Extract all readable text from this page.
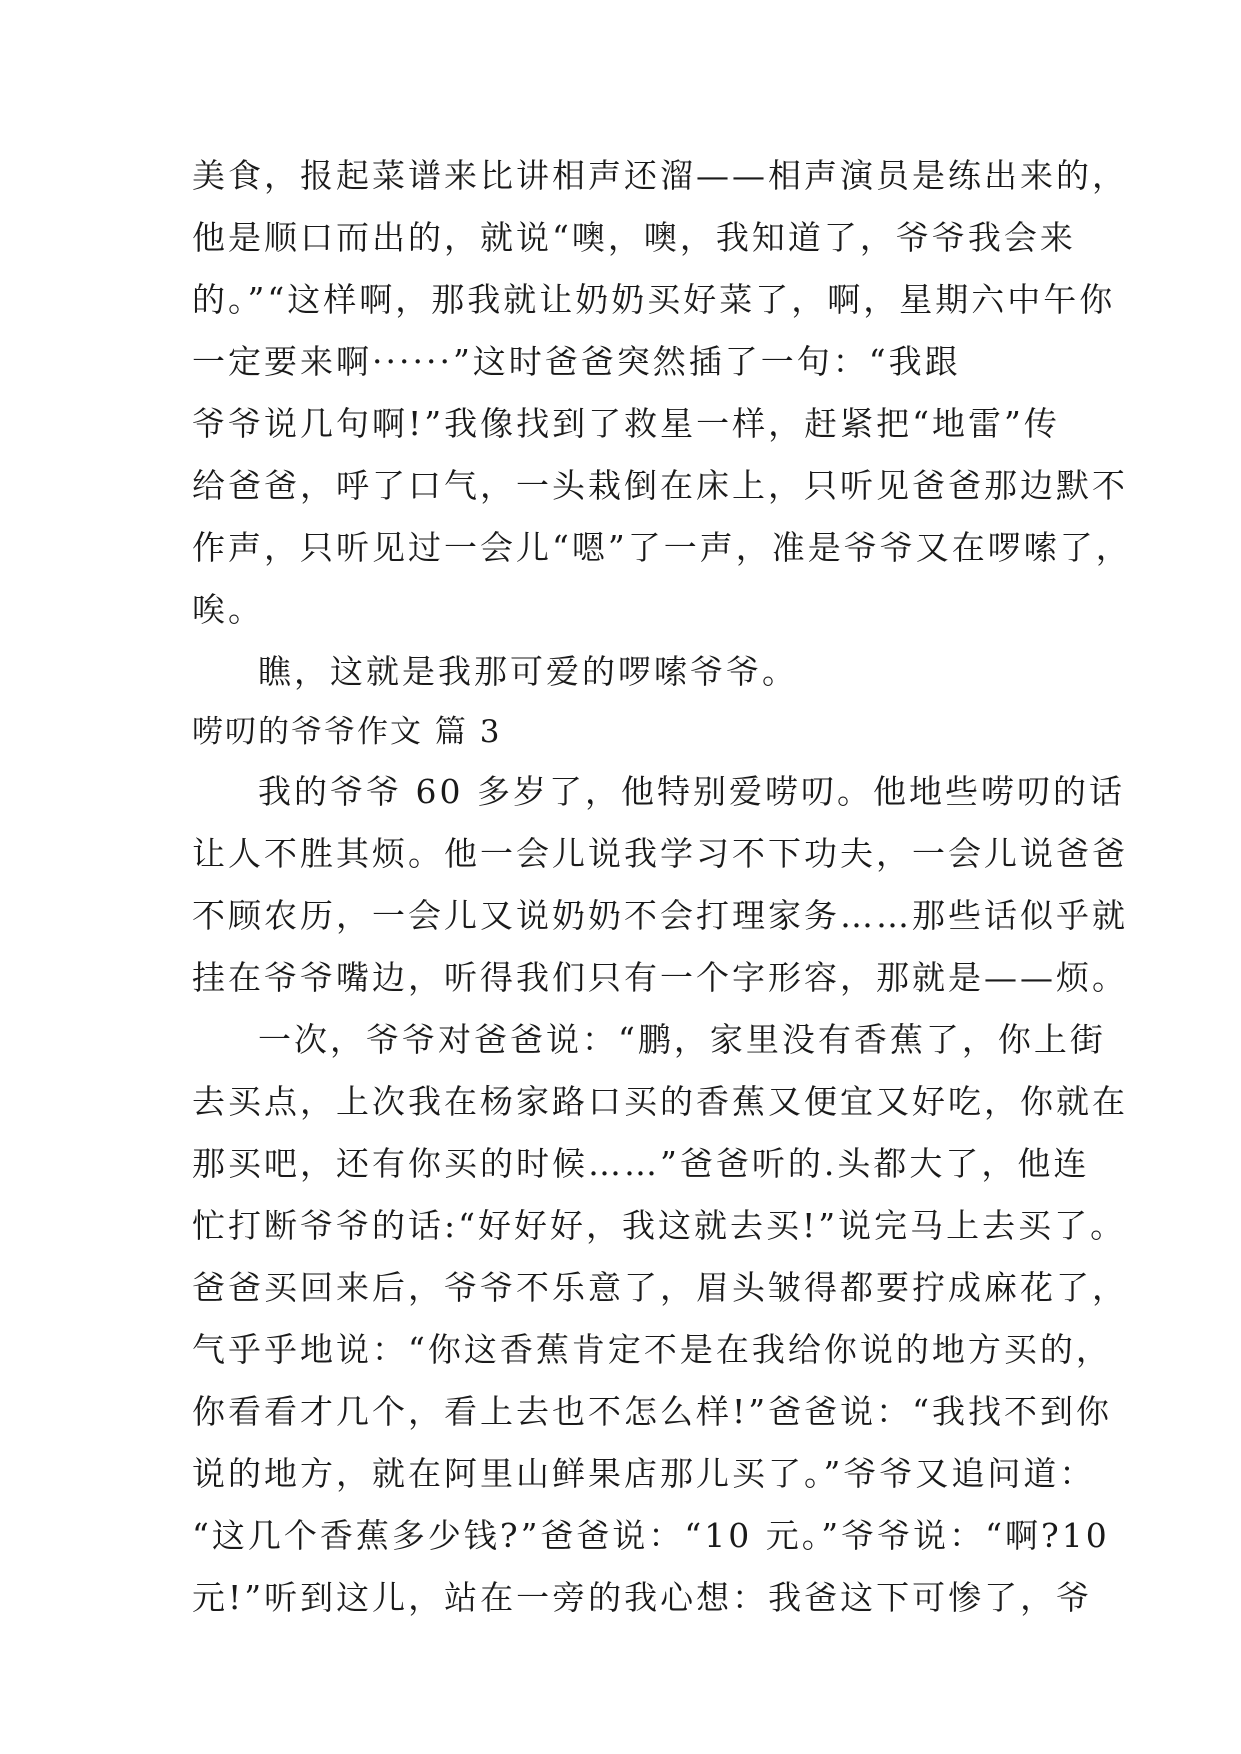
美食，报起菜谱来比讲相声还溜——相声演员是练出来的，
他是顺口而出的，就说“噢，噢，我知道了，爷爷我会来
的。”“这样啊，那我就让奶奶买好菜了，啊，星期六中午你
一定要来啊······”这时爸爸突然插了一句：“我跟
爷爷说几句啊!”我像找到了救星一样，赶紧把“地雷”传
给爸爸，呼了口气，一头栽倒在床上，只听见爸爸那边默不
作声，只听见过一会儿“嗯”了一声，准是爷爷又在啰嗦了，
唉。
瞧，这就是我那可爱的啰嗦爷爷。
唠叨的爷爷作文 篇 3
我的爷爷 60 多岁了，他特别爱唠叨。他地些唠叨的话
让人不胜其烦。他一会儿说我学习不下功夫，一会儿说爸爸
不顾农历，一会儿又说奶奶不会打理家务……那些话似乎就
挂在爷爷嘴边，听得我们只有一个字形容，那就是——烦。
一次，爷爷对爸爸说：“鹏，家里没有香蕉了，你上街
去买点，上次我在杨家路口买的香蕉又便宜又好吃，你就在
那买吧，还有你买的时候……”爸爸听的.头都大了，他连
忙打断爷爷的话:“好好好，我这就去买!”说完马上去买了。
爸爸买回来后，爷爷不乐意了，眉头皱得都要拧成麻花了，
气乎乎地说：“你这香蕉肯定不是在我给你说的地方买的，
你看看才几个，看上去也不怎么样!”爸爸说：“我找不到你
说的地方，就在阿里山鲜果店那儿买了。”爷爷又追问道：
“这几个香蕉多少钱?”爸爸说：“10 元。”爷爷说：“啊?10
元!”听到这儿，站在一旁的我心想：我爸这下可惨了，爷
